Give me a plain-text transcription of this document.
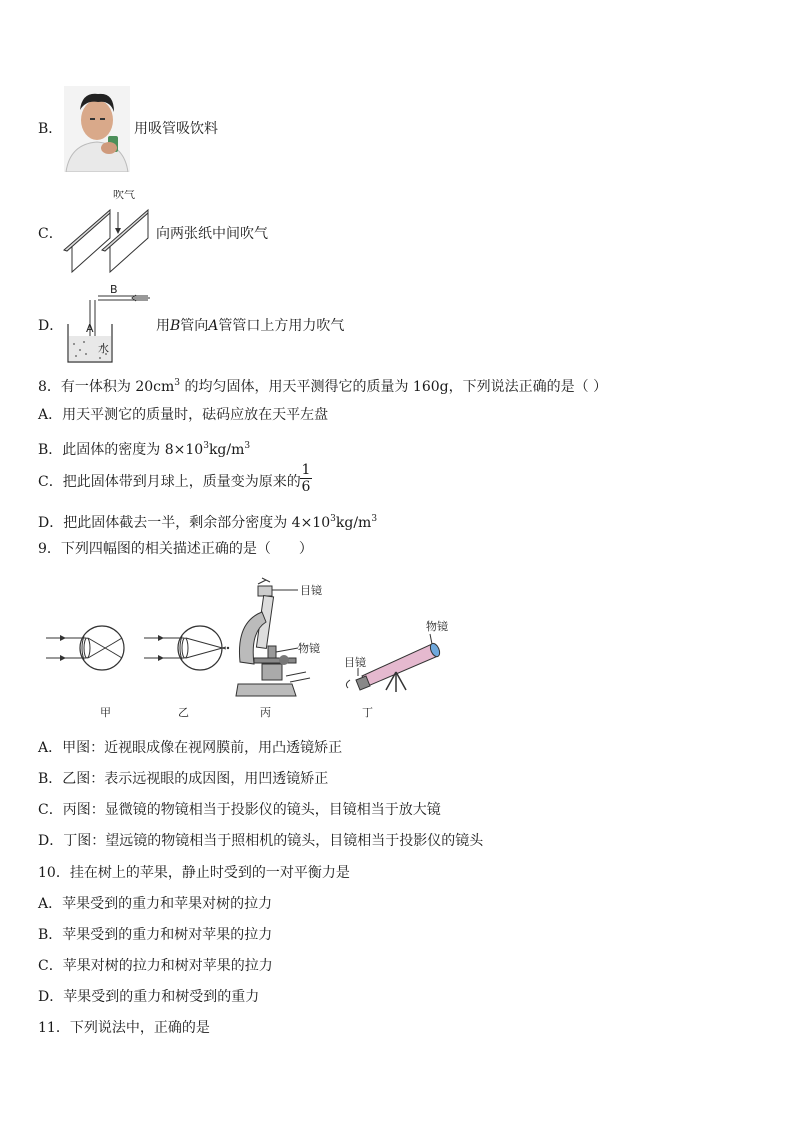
B．	用吸管吸饮料
C．
吹气
向两张纸中间吹气
D．
B
A
水
用B管向A管管口上方用力吹气
8．有一体积为 $20cm^3$ 的均匀固体，用天平测得它的质量为 160g，下列说法正确的是（ ）
A．用天平测它的质量时，砝码应放在天平左盘
B．此固体的密度为 $8\times 10^3kg/m^3$
C．把此固体带到月球上，质量变为原来的
1
6
D．把此固体截去一半，剩余部分密度为 $4\times 10^3kg/m^3$
9．下列四幅图的相关描述正确的是（　　）
目镜
物镜
丙
物镜
目镜
丁
甲	乙
A．甲图：近视眼成像在视网膜前，用凸透镜矫正
B．乙图：表示远视眼的成因图，用凹透镜矫正
C．丙图：显微镜的物镜相当于投影仪的镜头，目镜相当于放大镜
D．丁图：望远镜的物镜相当于照相机的镜头，目镜相当于投影仪的镜头
10．挂在树上的苹果，静止时受到的一对平衡力是
A．苹果受到的重力和苹果对树的拉力
B．苹果受到的重力和树对苹果的拉力
C．苹果对树的拉力和树对苹果的拉力
D．苹果受到的重力和树受到的重力
11．下列说法中，正确的是
